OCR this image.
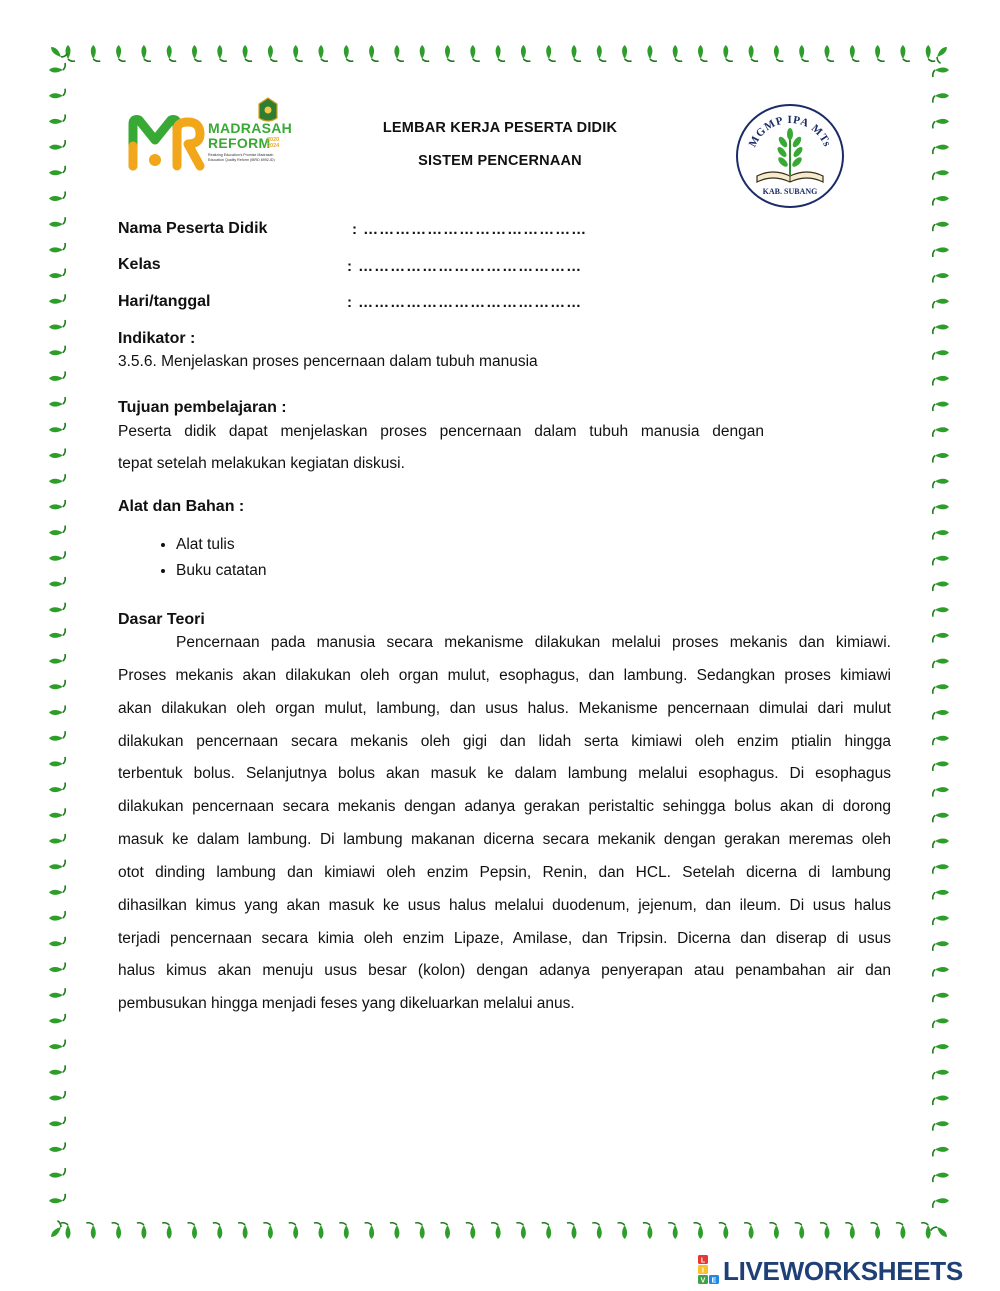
MADRASAH
REFORM
2020 2024
Realizing Education's Promise Madrasah Education Quality Reform (IBRD 8992-ID)
LEMBAR KERJA PESERTA DIDIK
SISTEM PENCERNAAN
MGMP IPA MTs
KAB. SUBANG
Nama Peserta Didik	: ……………………………………
Kelas	: ……………………………………
Hari/tanggal	: ……………………………………
Indikator :
3.5.6. Menjelaskan proses pencernaan dalam tubuh manusia
Tujuan pembelajaran :
Peserta didik dapat menjelaskan proses pencernaan dalam tubuh manusia dengan
tepat setelah melakukan kegiatan diskusi.
Alat dan Bahan :
• Alat tulis
• Buku catatan
Dasar Teori
Pencernaan pada manusia secara mekanisme dilakukan melalui proses mekanis dan kimiawi.
Proses mekanis akan dilakukan oleh organ mulut, esophagus, dan lambung. Sedangkan proses kimiawi
akan dilakukan oleh organ mulut, lambung, dan usus halus. Mekanisme pencernaan dimulai dari mulut
dilakukan pencernaan secara mekanis oleh gigi dan lidah serta kimiawi oleh enzim ptialin hingga
terbentuk bolus. Selanjutnya bolus akan masuk ke dalam lambung melalui esophagus. Di esophagus
dilakukan pencernaan secara mekanis dengan adanya gerakan peristaltic sehingga bolus akan di dorong
masuk ke dalam lambung. Di lambung makanan dicerna secara mekanik dengan gerakan meremas oleh
otot dinding lambung dan kimiawi oleh enzim Pepsin, Renin, dan HCL. Setelah dicerna di lambung
dihasilkan kimus yang akan masuk ke usus halus melalui duodenum, jejenum, dan ileum. Di usus halus
terjadi pencernaan secara kimia oleh enzim Lipaze, Amilase, dan Tripsin. Dicerna dan diserap di usus
halus kimus akan menuju usus besar (kolon) dengan adanya penyerapan atau penambahan air dan
pembusukan hingga menjadi feses yang dikeluarkan melalui anus.
L
I
V E LIVEWORKSHEETS
